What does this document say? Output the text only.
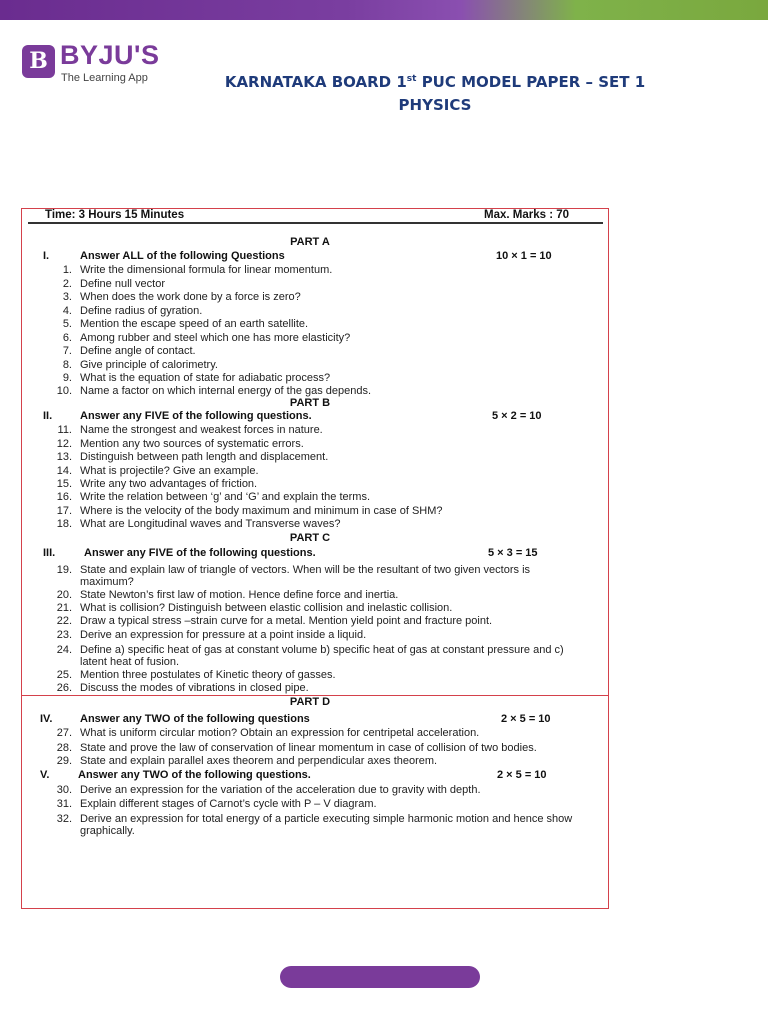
B BYJU'S
The Learning App	KARNATAKA BOARD 1st PUC MODEL PAPER – SET 1
PHYSICS
Time: 3 Hours 15 Minutes	Max. Marks : 70
PART A
I.	Answer ALL of the following Questions	10 × 1 = 10
1. Write the dimensional formula for linear momentum.
2. Define null vector
3. When does the work done by a force is zero?
4. Define radius of gyration.
5. Mention the escape speed of an earth satellite.
6. Among rubber and steel which one has more elasticity?
7. Define angle of contact.
8. Give principle of calorimetry.
9. What is the equation of state for adiabatic process?
10. Name a factor on which internal energy of the gas depends.
PART B
II.	Answer any FIVE of the following questions.	5 × 2 = 10
11. Name the strongest and weakest forces in nature.
12. Mention any two sources of systematic errors.
13. Distinguish between path length and displacement.
14. What is projectile? Give an example.
15. Write any two advantages of friction.
16. Write the relation between ‘g’ and ‘G’ and explain the terms.
17. Where is the velocity of the body maximum and minimum in case of SHM?
18. What are Longitudinal waves and Transverse waves?
PART C
III.	Answer any FIVE of the following questions.	5 × 3 = 15
19. State and explain law of triangle of vectors. When will be the resultant of two given vectors is maximum?
20. State Newton’s first law of motion. Hence define force and inertia.
21. What is collision? Distinguish between elastic collision and inelastic collision.
22. Draw a typical stress –strain curve for a metal. Mention yield point and fracture point.
23. Derive an expression for pressure at a point inside a liquid.
24. Define a) specific heat of gas at constant volume b) specific heat of gas at constant pressure and c) latent heat of fusion.
25. Mention three postulates of Kinetic theory of gasses.
26. Discuss the modes of vibrations in closed pipe.
PART D
IV.	Answer any TWO of the following questions	2 × 5 = 10
27. What is uniform circular motion? Obtain an expression for centripetal acceleration.
28. State and prove the law of conservation of linear momentum in case of collision of two bodies.
29. State and explain parallel axes theorem and perpendicular axes theorem.
V.	Answer any TWO of the following questions.	2 × 5 = 10
30. Derive an expression for the variation of the acceleration due to gravity with depth.
31. Explain different stages of Carnot’s cycle with P – V diagram.
32. Derive an expression for total energy of a particle executing simple harmonic motion and hence show graphically.
